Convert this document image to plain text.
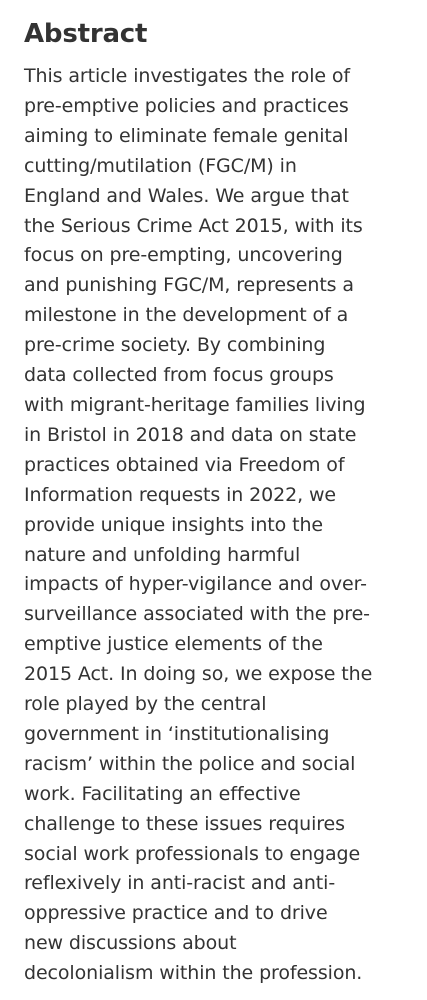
Abstract

This article investigates the role of
pre-emptive policies and practices
aiming to eliminate female genital
cutting/mutilation (FGC/M) in
England and Wales. We argue that
the Serious Crime Act 2015, with its
focus on pre-empting, uncovering
and punishing FGC/M, represents a
milestone in the development of a
pre-crime society. By combining
data collected from focus groups
with migrant-heritage families living
in Bristol in 2018 and data on state
practices obtained via Freedom of
Information requests in 2022, we
provide unique insights into the
nature and unfolding harmful
impacts of hyper-vigilance and over-
surveillance associated with the pre-
emptive justice elements of the
2015 Act. In doing so, we expose the
role played by the central
government in ‘institutionalising
racism’ within the police and social
work. Facilitating an effective
challenge to these issues requires
social work professionals to engage
reflexively in anti-racist and anti-
oppressive practice and to drive
new discussions about
decolonialism within the profession.
